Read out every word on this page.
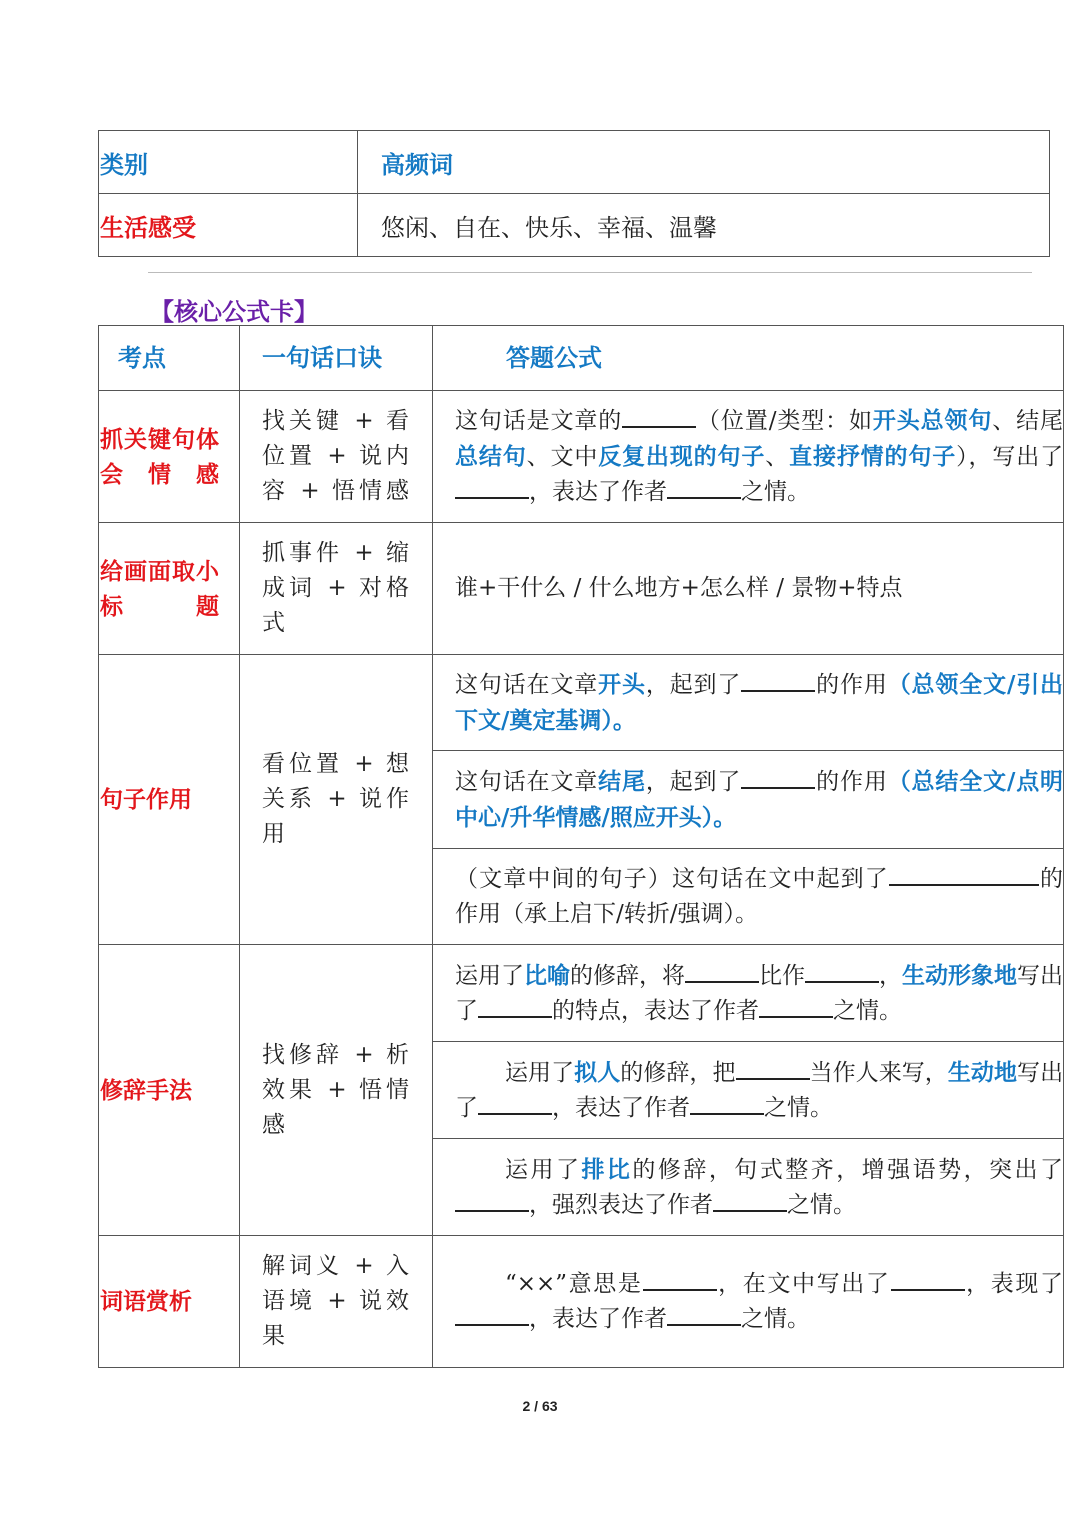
类别	高频词
生活感受	悠闲、自在、快乐、幸福、温馨
【核心公式卡】
考点	一句话口诀	答题公式
抓关键句体会情感	找关键 + 看位置 + 说内容 + 悟情感	这句话是文章的 （位置/类型：如开头总领句、结尾总结句、文中反复出现的句子、直接抒情的句子），写出了，表达了作者 之情。
给画面取小标题	抓事件 + 缩成词 + 对格式	谁+干什么 / 什么地方+怎么样 / 景物+特点
句子作用	看位置 + 想关系 + 说作用	这句话在文章开头，起到了 的作用（总领全文/引出下文/奠定基调）。
		这句话在文章结尾，起到了 的作用（总结全文/点明中心/升华情感/照应开头）。
		（文章中间的句子）这句话在文中起到了 的作用（承上启下/转折/强调）。
修辞手法	找修辞 + 析效果 + 悟情感	运用了比喻的修辞，将 比作 ，生动形象地写出了 的特点，表达了作者 之情。
		运用了拟人的修辞，把 当作人来写，生动地写出了 ，表达了作者 之情。
		运用了排比的修辞，句式整齐，增强语势，突出了，强烈表达了作者 之情。
词语赏析	解词义 + 入语境 + 说效果	“××”意思是 ，在文中写出了 ，表现了，表达了作者 之情。
2 / 63
